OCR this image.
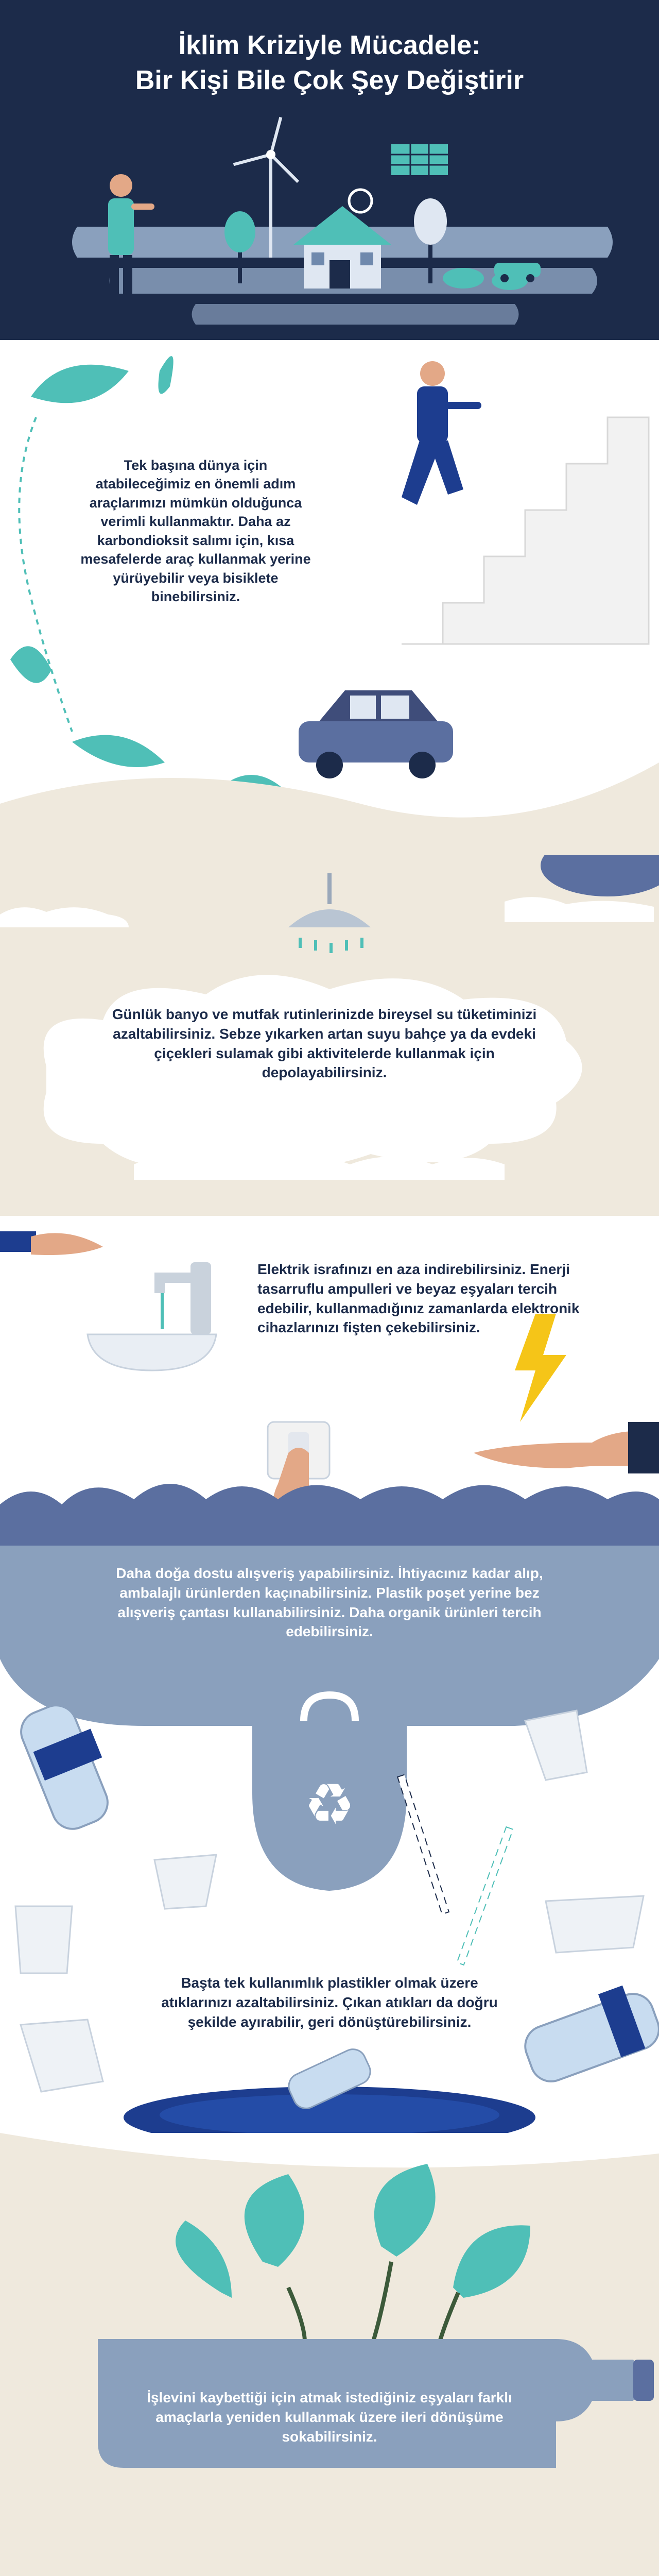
İklim Kriziyle Mücadele:
Bir Kişi Bile Çok Şey Değiştirir
Tek başına dünya için atabileceğimiz en önemli adım araçlarımızı mümkün olduğunca verimli kullanmaktır. Daha az karbondioksit salımı için, kısa mesafelerde araç kullanmak yerine yürüyebilir veya bisiklete binebilirsiniz.
Günlük banyo ve mutfak rutinlerinizde bireysel su tüketiminizi azaltabilirsiniz. Sebze yıkarken artan suyu bahçe ya da evdeki çiçekleri sulamak gibi aktivitelerde kullanmak için depolayabilirsiniz.
Elektrik israfınızı en aza indirebilirsiniz. Enerji tasarruflu ampulleri ve beyaz eşyaları tercih edebilir, kullanmadığınız zamanlarda elektronik cihazlarınızı fişten çekebilirsiniz.
♻
Daha doğa dostu alışveriş yapabilirsiniz. İhtiyacınız kadar alıp, ambalajlı ürünlerden kaçınabilirsiniz. Plastik poşet yerine bez alışveriş çantası kullanabilirsiniz. Daha organik ürünleri tercih edebilirsiniz.
Başta tek kullanımlık plastikler olmak üzere atıklarınızı azaltabilirsiniz. Çıkan atıkları da doğru şekilde ayırabilir, geri dönüştürebilirsiniz.
İşlevini kaybettiği için atmak istediğiniz eşyaları farklı amaçlarla yeniden kullanmak üzere ileri dönüşüme sokabilirsiniz.
